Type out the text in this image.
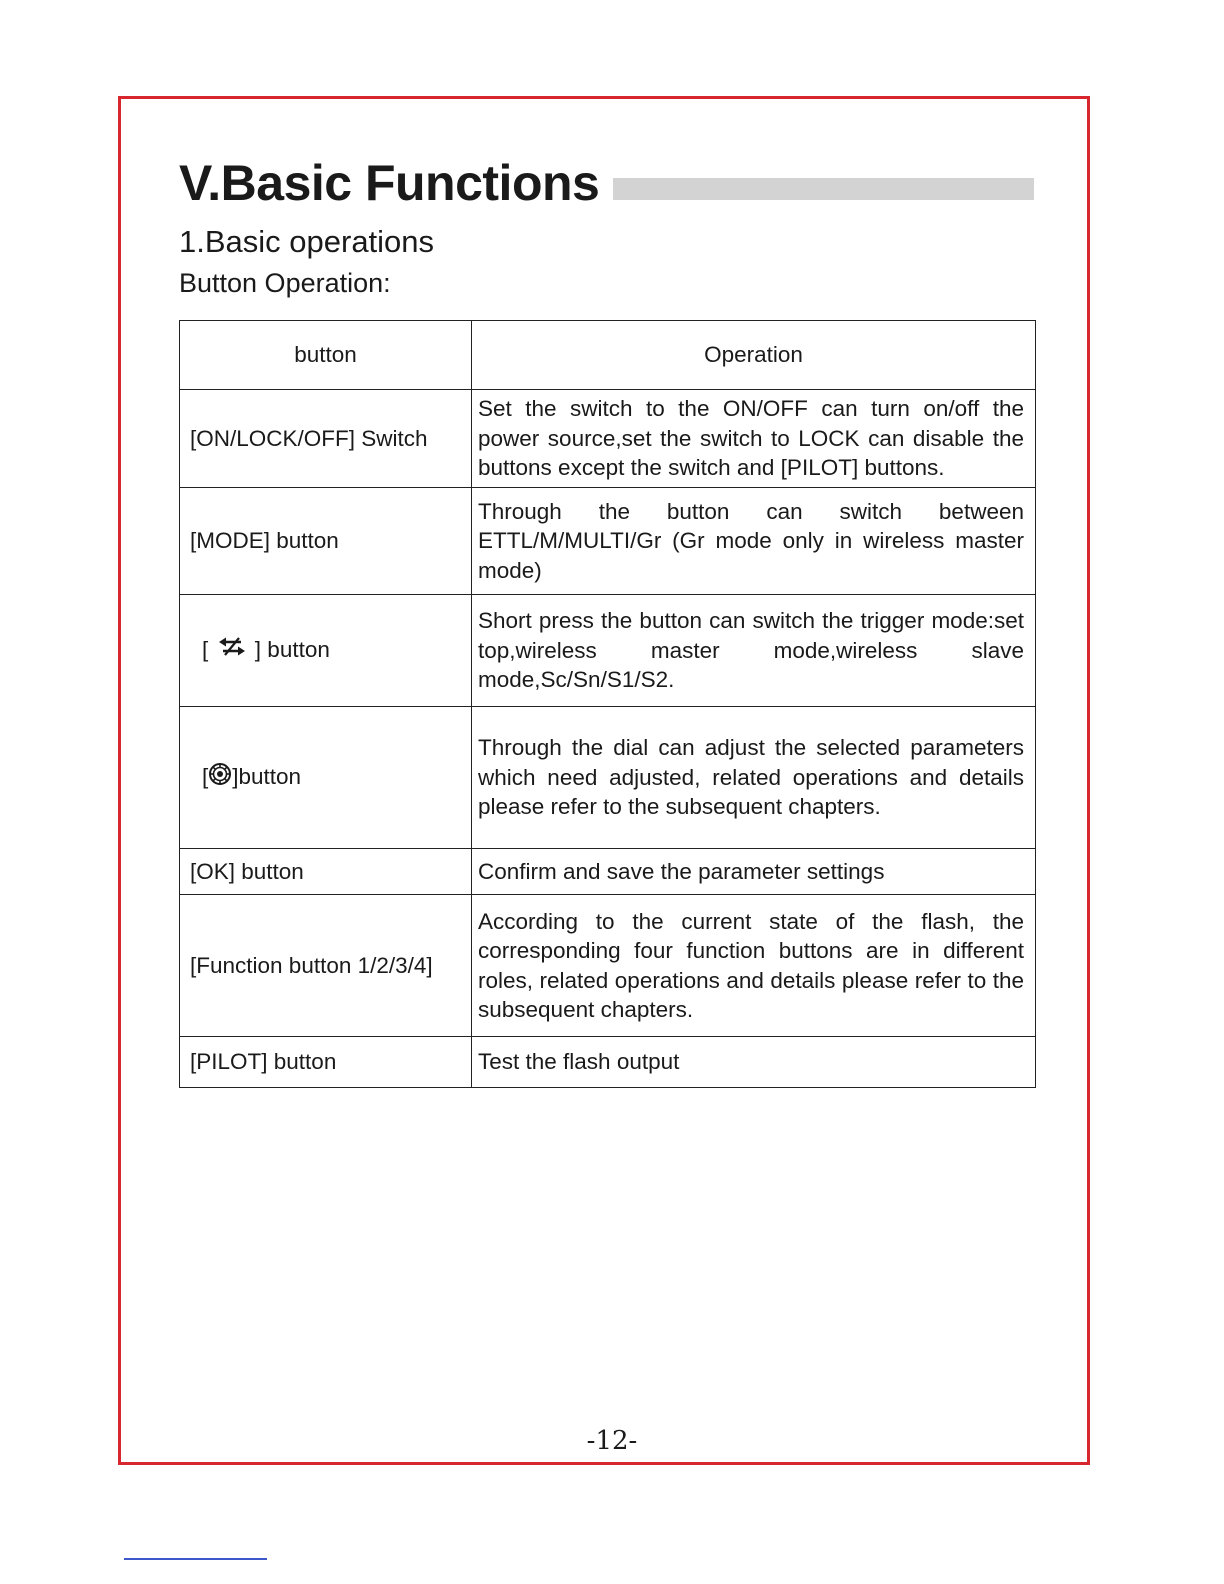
V.Basic Functions
1.Basic operations
Button Operation:
button	Operation
[ON/LOCK/OFF] Switch	Set the switch to the ON/OFF can turn on/off the power source,set the switch to LOCK can disable the buttons except the switch and [PILOT] buttons.
[MODE] button	Through the button can switch between ETTL/M/MULTI/Gr (Gr mode only in wireless master mode)
[ ] button	Short press the button can switch the trigger mode:set top,wireless master mode,wireless slave mode,Sc/Sn/S1/S2.
[ ]button	Through the dial can adjust the selected parameters which need adjusted, related operations and details please refer to the subsequent chapters.
[OK] button	Confirm and save the parameter settings
[Function button 1/2/3/4]	According to the current state of the flash, the corresponding four function buttons are in different roles, related operations and details please refer to the subsequent chapters.
[PILOT] button	Test the flash output
-12-
